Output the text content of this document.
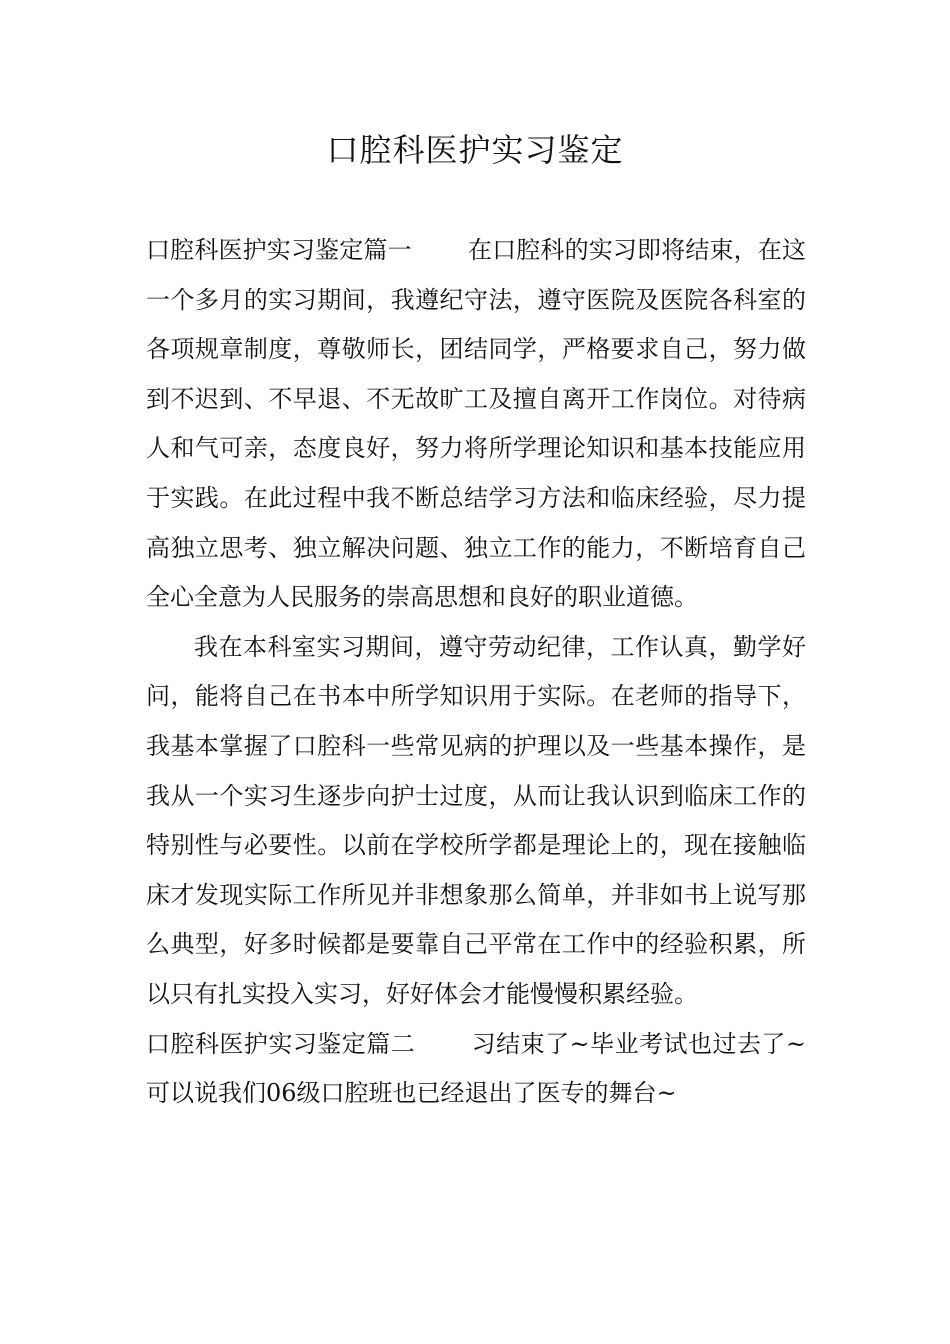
口腔科医护实习鉴定

口腔科医护实习鉴定篇一 在口腔科的实习即将结束，在这一个多月的实习期间，我遵纪守法，遵守医院及医院各科室的各项规章制度，尊敬师长，团结同学，严格要求自己，努力做到不迟到、不早退、不无故旷工及擅自离开工作岗位。对待病人和气可亲，态度良好，努力将所学理论知识和基本技能应用于实践。在此过程中我不断总结学习方法和临床经验，尽力提高独立思考、独立解决问题、独立工作的能力，不断培育自己全心全意为人民服务的崇高思想和良好的职业道德。

我在本科室实习期间，遵守劳动纪律，工作认真，勤学好问，能将自己在书本中所学知识用于实际。在老师的指导下，我基本掌握了口腔科一些常见病的护理以及一些基本操作，是我从一个实习生逐步向护士过度，从而让我认识到临床工作的特别性与必要性。以前在学校所学都是理论上的，现在接触临床才发现实际工作所见并非想象那么简单，并非如书上说写那么典型，好多时候都是要靠自己平常在工作中的经验积累，所以只有扎实投入实习，好好体会才能慢慢积累经验。

口腔科医护实习鉴定篇二 习结束了~毕业考试也过去了~可以说我们06级口腔班也已经退出了医专的舞台~
